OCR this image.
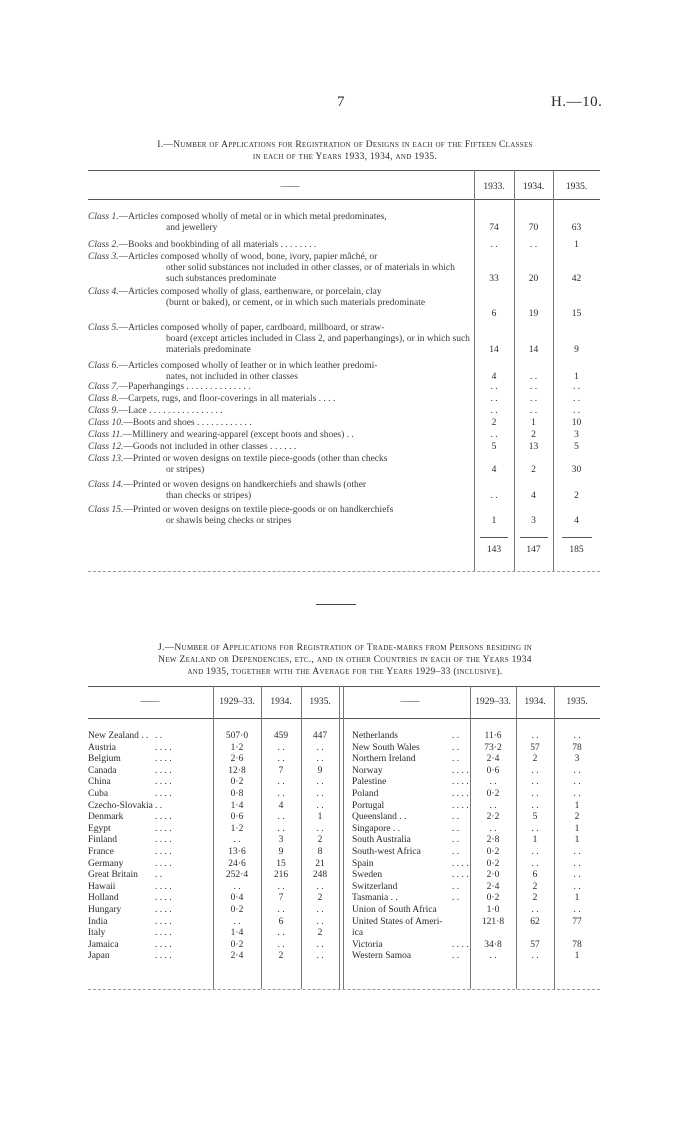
7	H.—10.
I.—Number of Applications for Registration of Designs in each of the Fifteen Classes
in each of the Years 1933, 1934, and 1935.
——	1933.	1934.	1935.
Class 1.—Articles composed wholly of metal or in which metal predominates,
and jewellery	74	70	63
Class 2.—Books and bookbinding of all materials . . . . . . . .	. .	. .	1
Class 3.—Articles composed wholly of wood, bone, ivory, papier mâché, or
other solid substances not included in other classes, or of materials in which such substances predominate	33	20	42
Class 4.—Articles composed wholly of glass, earthenware, or porcelain, clay
(burnt or baked), or cement, or in which such materials predominate
6	19	15
Class 5.—Articles composed wholly of paper, cardboard, millboard, or straw-
board (except articles included in Class 2, and paperhangings), or in which such materials predominate	14	14	9
Class 6.—Articles composed wholly of leather or in which leather predomi-
nates, not included in other classes	4	. .	1
Class 7.—Paperhangings . . . . . . . . . . . . . .	. .	. .	. .
Class 8.—Carpets, rugs, and floor-coverings in all materials . . . .	. .	. .	. .
Class 9.—Lace . . . . . . . . . . . . . . . .	. .	. .	. .
Class 10.—Boots and shoes . . . . . . . . . . . .	2	1	10
Class 11.—Millinery and wearing-apparel (except boots and shoes) . .	. .	2	3
Class 12.—Goods not included in other classes . . . . . .	5	13	5
Class 13.—Printed or woven designs on textile piece-goods (other than checks
or stripes)	4	2	30
Class 14.—Printed or woven designs on handkerchiefs and shawls (other
than checks or stripes)	. .	4	2
Class 15.—Printed or woven designs on textile piece-goods or on handkerchiefs
or shawls being checks or stripes	1	3	4
143	147	185
J.—Number of Applications for Registration of Trade-marks from Persons residing in
New Zealand or Dependencies, etc., and in other Countries in each of the Years 1934
and 1935, together with the Average for the Years 1929–33 (inclusive).
——	1929–33.	1934.	1935.	——	1929–33.	1934.	1935.
New Zealand . . . .	507·0	459	447
Austria	. . . .	1·2	. .	. .
Belgium	. . . .	2·6	. .	. .
Canada	. . . .	12·8	7	9
China	. . . .	0·2	. .	. .
Cuba	. . . .	0·8	. .	. .
Czecho-Slovakia . .	1·4	4	. .
Denmark	. . . .	0·6	. .	1
Egypt	. . . .	1·2	. .	. .
Finland	. . . .	. .	3	2
France	. . . .	13·6	9	8
Germany	. . . .	24·6	15	21
Great Britain . .	252·4	216	248
Hawaii	. . . .	. .	. .	. .
Holland	. . . .	0·4	7	2
Hungary	. . . .	0·2	. .	. .
India	. . . .	. .	6	. .
Italy	. . . .	1·4	. .	2
Jamaica	. . . .	0·2	. .	. .
Japan	. . . .	2·4	2	. .
Netherlands	. .	11·6	. .	. .
New South Wales	. .	73·2	57	78
Northern Ireland	. .	2·4	2	3
Norway	. . . .	0·6	. .	. .
Palestine	. . . .	. .	. .	. .
Poland	. . . .	0·2	. .	. .
Portugal	. . . .	. .	. .	1
Queensland . .	. .	2·2	5	2
Singapore . .	. .	. .	. .	1
South Australia	. .	2·8	1	1
South-west Africa	. .	0·2	. .	. .
Spain	. . . .	0·2	. .	. .
Sweden	. . . .	2·0	6	. .
Switzerland	. .	2·4	2	. .
Tasmania . .	. .	0·2	2	1
Union of South Africa	1·0	. .	. .
United States of Ameri-	121·8	62	77
ica
Victoria	. . . .	34·8	57	78
Western Samoa	. .	. .	. .	1
